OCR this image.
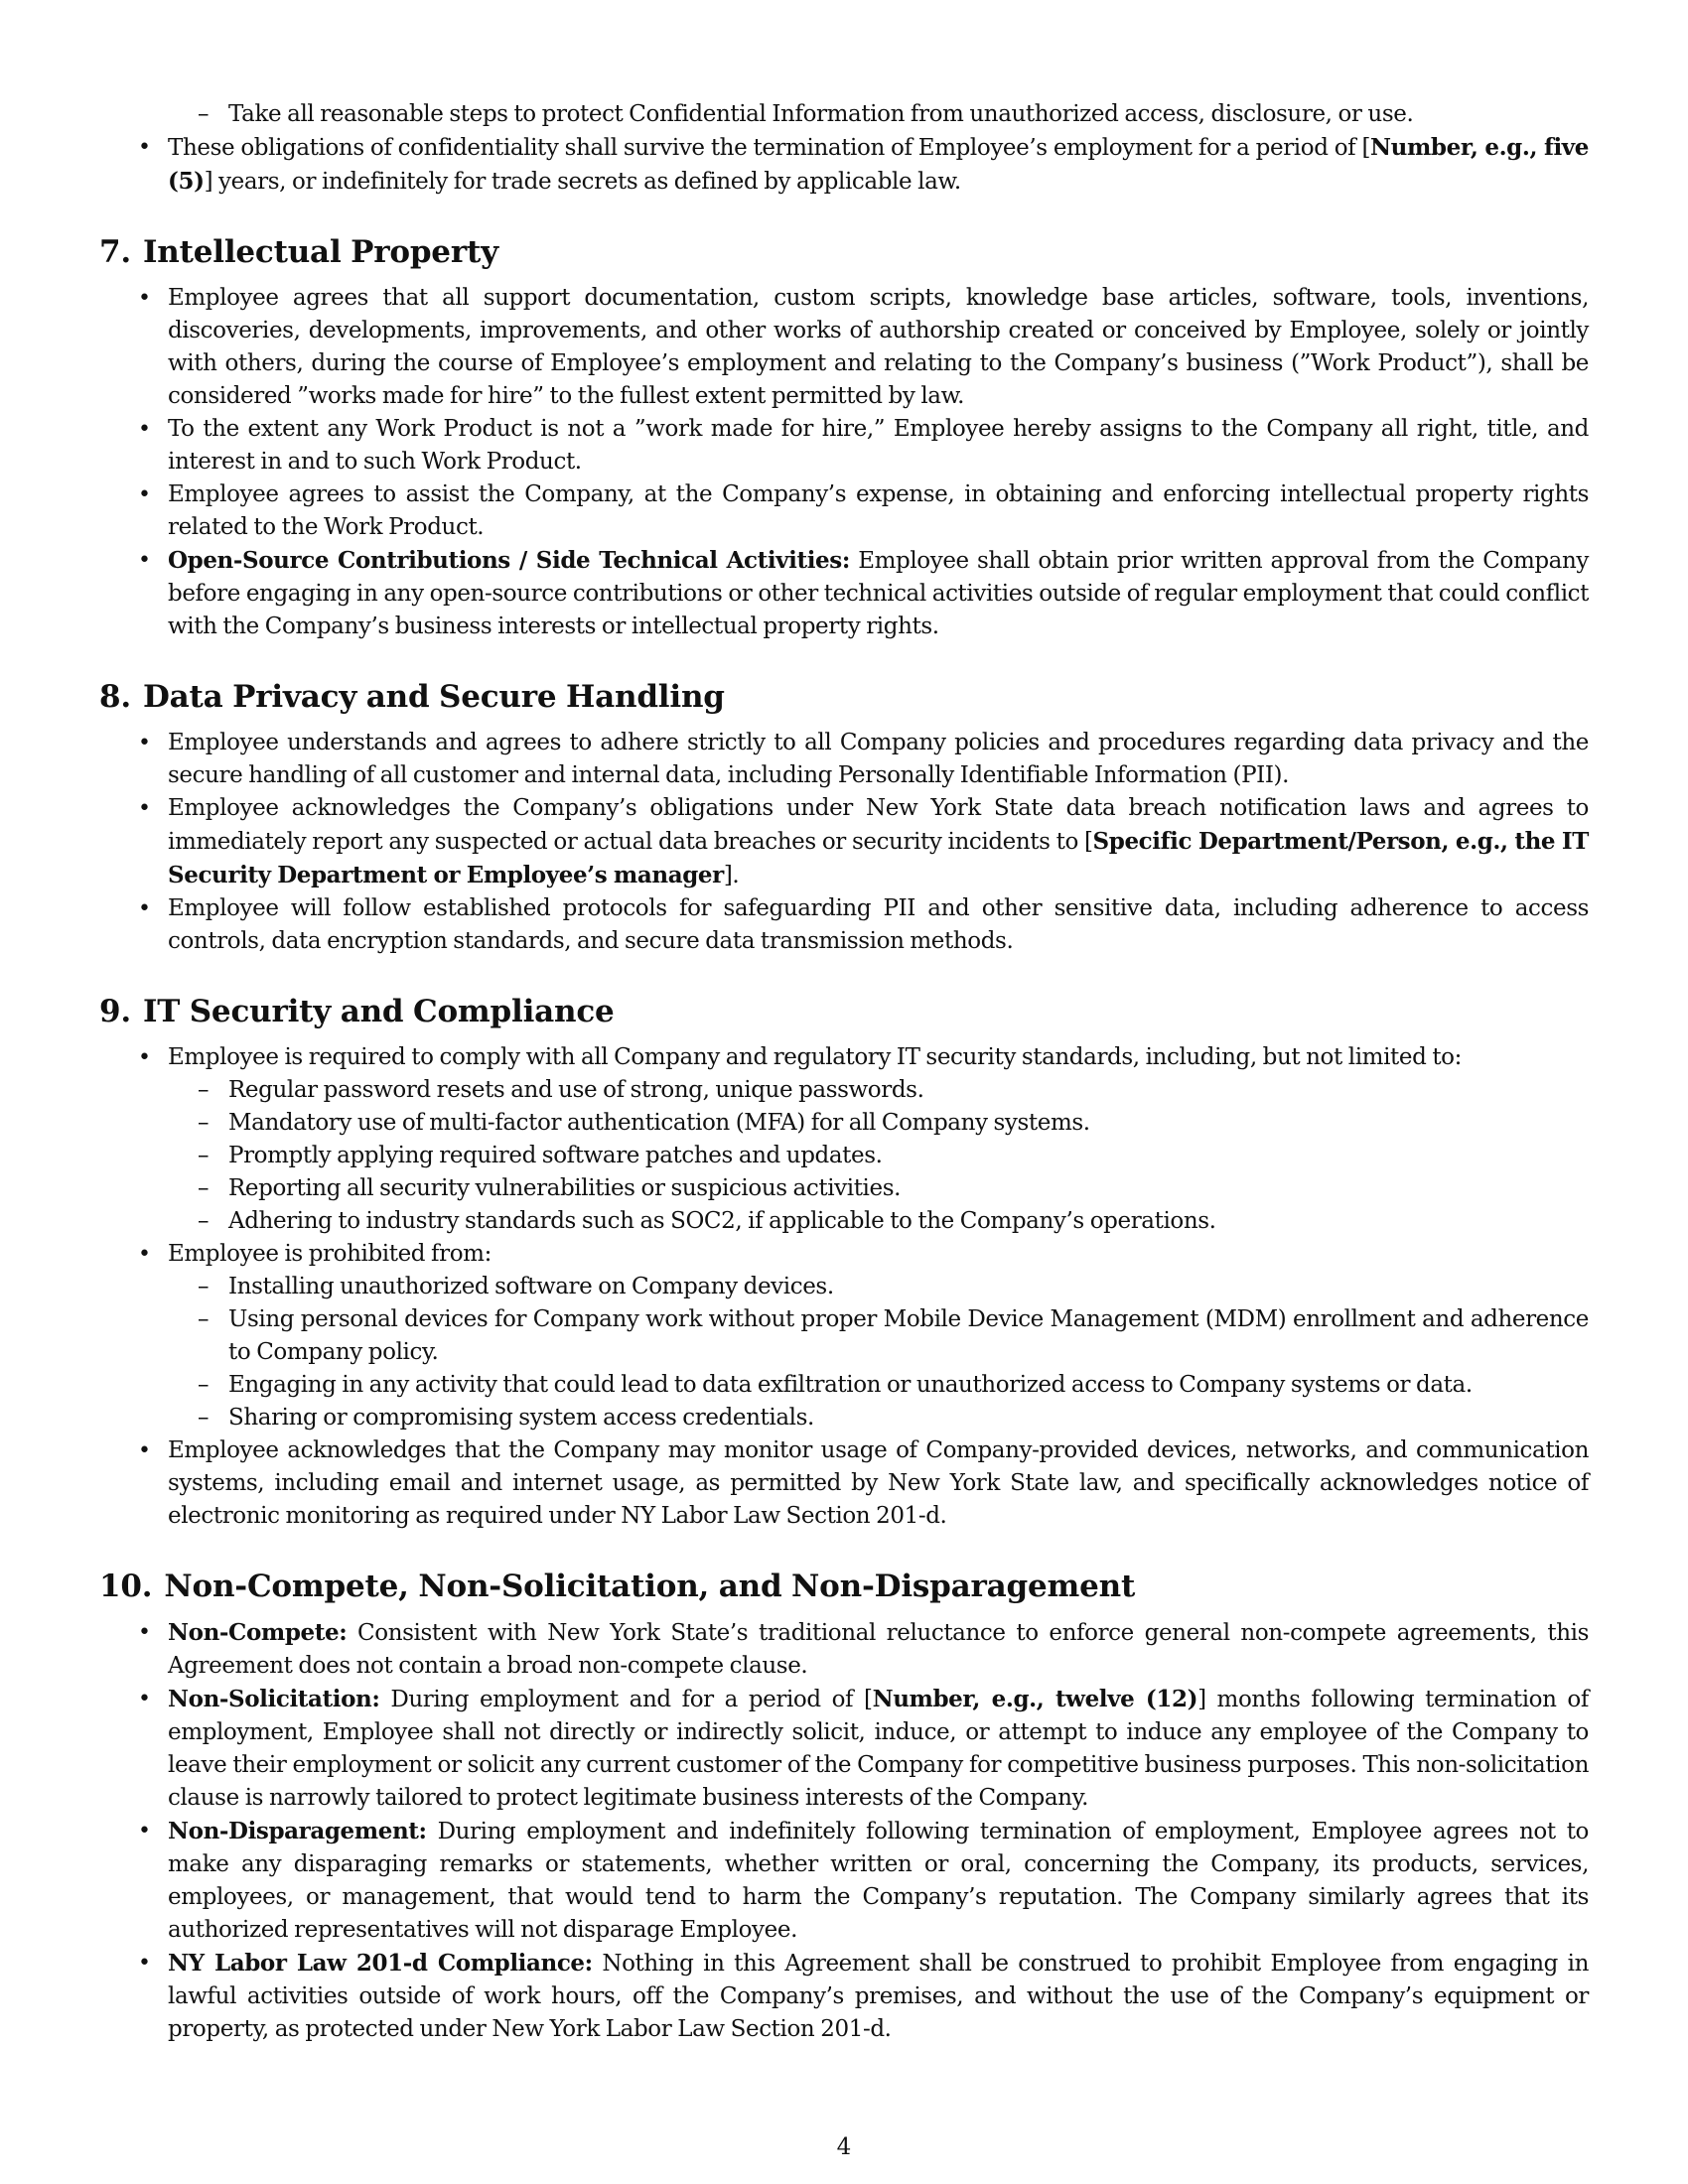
– Take all reasonable steps to protect Confidential Information from unauthorized access, disclosure, or use.
• These obligations of confidentiality shall survive the termination of Employee’s employment for a period of [Number, e.g., five (5)] years, or indefinitely for trade secrets as defined by applicable law.
7. Intellectual Property
• Employee agrees that all support documentation, custom scripts, knowledge base articles, software, tools, inventions, discoveries, developments, improvements, and other works of authorship created or conceived by Employee, solely or jointly with others, during the course of Employee’s employment and relating to the Company’s business (”Work Product”), shall be considered ”works made for hire” to the fullest extent permitted by law.
• To the extent any Work Product is not a ”work made for hire,” Employee hereby assigns to the Company all right, title, and interest in and to such Work Product.
• Employee agrees to assist the Company, at the Company’s expense, in obtaining and enforcing intellectual property rights related to the Work Product.
• Open-Source Contributions / Side Technical Activities: Employee shall obtain prior written approval from the Company before engaging in any open-source contributions or other technical activities outside of regular employment that could conflict with the Company’s business interests or intellectual property rights.
8. Data Privacy and Secure Handling
• Employee understands and agrees to adhere strictly to all Company policies and procedures regarding data privacy and the secure handling of all customer and internal data, including Personally Identifiable Information (PII).
• Employee acknowledges the Company’s obligations under New York State data breach notification laws and agrees to immediately report any suspected or actual data breaches or security incidents to [Specific Department/Person, e.g., the IT Security Department or Employee’s manager].
• Employee will follow established protocols for safeguarding PII and other sensitive data, including adherence to access controls, data encryption standards, and secure data transmission methods.
9. IT Security and Compliance
• Employee is required to comply with all Company and regulatory IT security standards, including, but not limited to:
– Regular password resets and use of strong, unique passwords.
– Mandatory use of multi-factor authentication (MFA) for all Company systems.
– Promptly applying required software patches and updates.
– Reporting all security vulnerabilities or suspicious activities.
– Adhering to industry standards such as SOC2, if applicable to the Company’s operations.
• Employee is prohibited from:
– Installing unauthorized software on Company devices.
– Using personal devices for Company work without proper Mobile Device Management (MDM) enrollment and adherence to Company policy.
– Engaging in any activity that could lead to data exfiltration or unauthorized access to Company systems or data.
– Sharing or compromising system access credentials.
• Employee acknowledges that the Company may monitor usage of Company-provided devices, networks, and communication systems, including email and internet usage, as permitted by New York State law, and specifically acknowledges notice of electronic monitoring as required under NY Labor Law Section 201-d.
10. Non-Compete, Non-Solicitation, and Non-Disparagement
• Non-Compete: Consistent with New York State’s traditional reluctance to enforce general non-compete agreements, this Agreement does not contain a broad non-compete clause.
• Non-Solicitation: During employment and for a period of [Number, e.g., twelve (12)] months following termination of employment, Employee shall not directly or indirectly solicit, induce, or attempt to induce any employee of the Company to leave their employment or solicit any current customer of the Company for competitive business purposes. This non-solicitation clause is narrowly tailored to protect legitimate business interests of the Company.
• Non-Disparagement: During employment and indefinitely following termination of employment, Employee agrees not to make any disparaging remarks or statements, whether written or oral, concerning the Company, its products, services, employees, or management, that would tend to harm the Company’s reputation. The Company similarly agrees that its authorized representatives will not disparage Employee.
• NY Labor Law 201-d Compliance: Nothing in this Agreement shall be construed to prohibit Employee from engaging in lawful activities outside of work hours, off the Company’s premises, and without the use of the Company’s equipment or property, as protected under New York Labor Law Section 201-d.
4
